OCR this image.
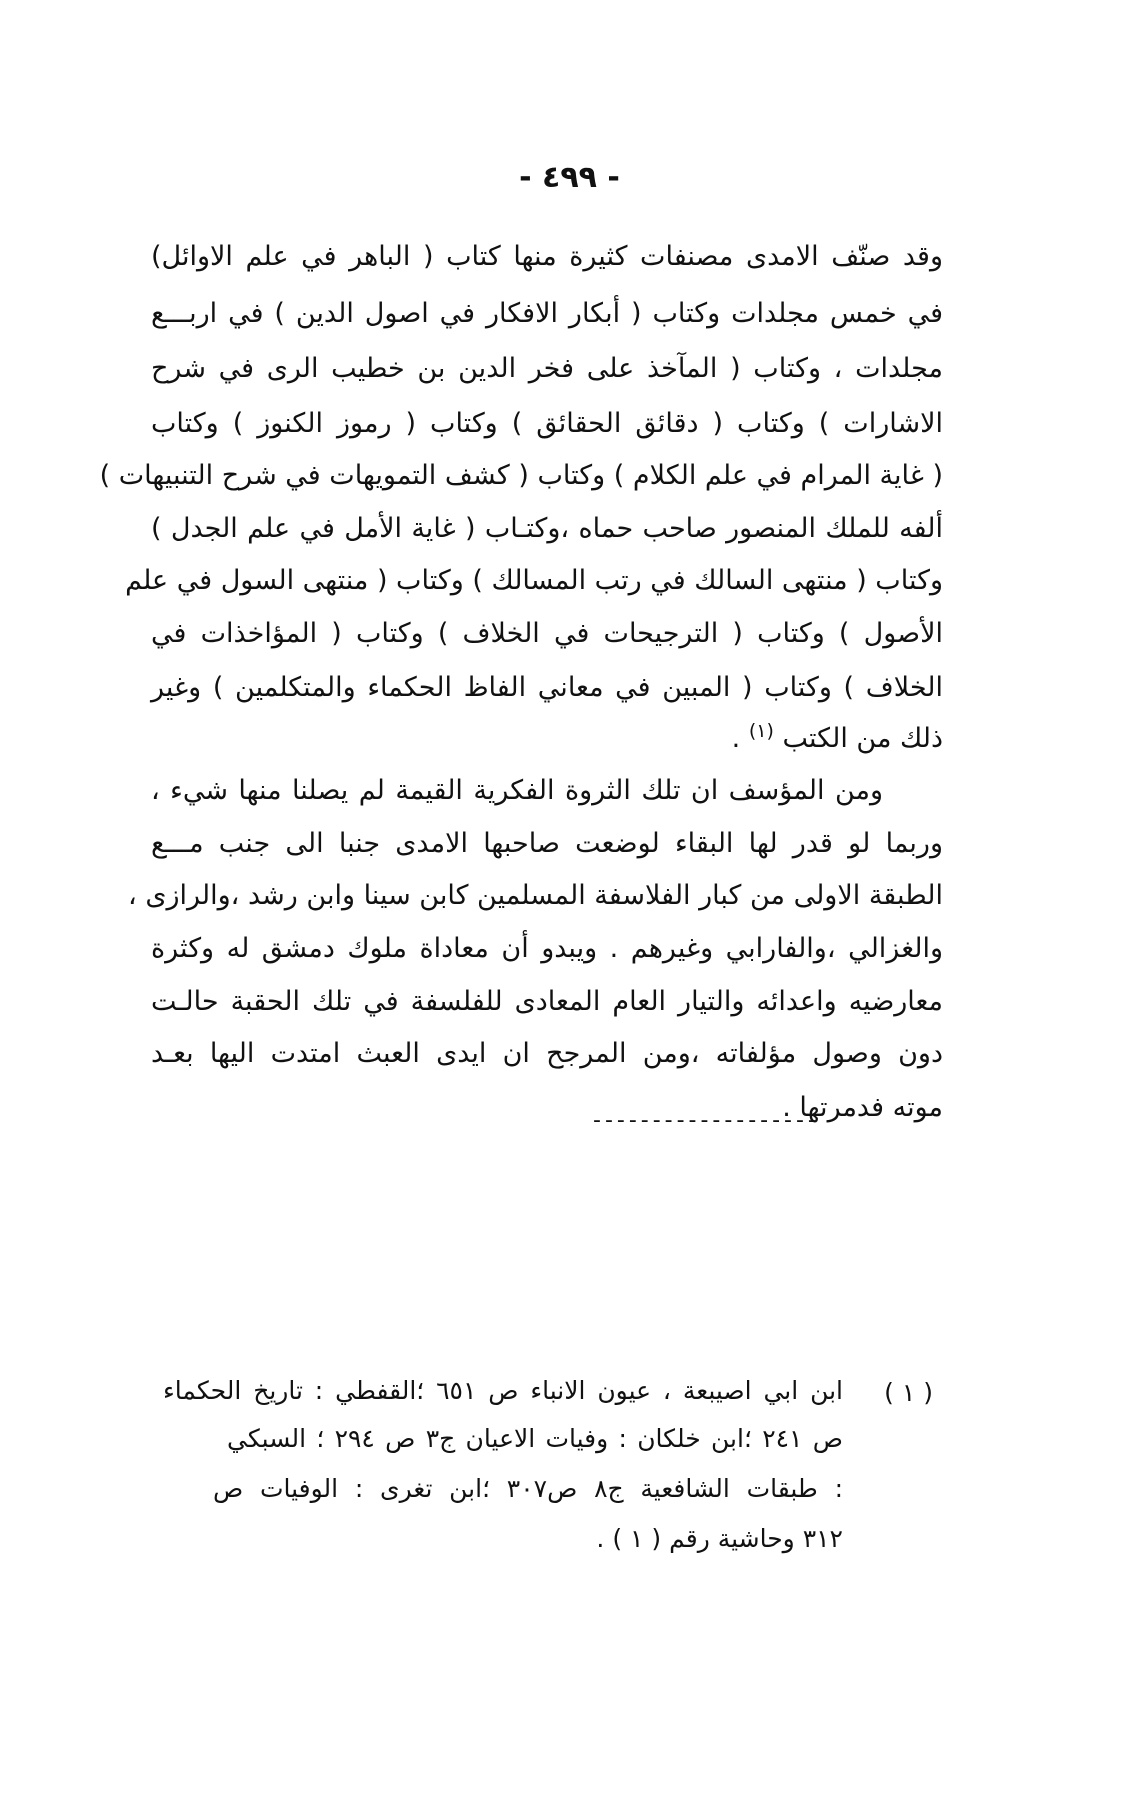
- ٤٩٩ -
وقد صنّف الامدى مصنفات كثيرة منها كتاب ( الباهر في علم الاوائل)
في خمس مجلدات وكتاب ( أبكار الافكار في اصول الدين ) في اربـــع
مجلدات ، وكتاب ( المآخذ على فخر الدين بن خطيب الرى في شرح
الاشارات ) وكتاب ( دقائق الحقائق ) وكتاب ( رموز الكنوز ) وكتاب
( غاية المرام في علم الكلام ) وكتاب ( كشف التمويهات في شرح التنبيهات )
ألفه للملك المنصور صاحب حماه ،وكتـاب ( غاية الأمل في علم الجدل )
وكتاب ( منتهى السالك في رتب المسالك ) وكتاب ( منتهى السول في علم
الأصول ) وكتاب ( الترجيحات في الخلاف ) وكتاب ( المؤاخذات في
الخلاف ) وكتاب ( المبين في معاني الفاظ الحكماء والمتكلمين ) وغير
ذلك من الكتب $^{(١)}$ .
ومن المؤسف ان تلك الثروة الفكرية القيمة لم يصلنا منها شيء ،
وربما لو قدر لها البقاء لوضعت صاحبها الامدى جنبا الى جنب مـــع
الطبقة الاولى من كبار الفلاسفة المسلمين كابن سينا وابن رشد ،والرازى ،
والغزالي ،والفارابي وغيرهم . ويبدو أن معاداة ملوك دمشق له وكثرة
معارضيه واعدائه والتيار العام المعادى للفلسفة في تلك الحقبة حالـت
دون وصول مؤلفاته ،ومن المرجح ان ايدى العبث امتدت اليها بعـد
موته فدمرتها .
-------------------
( ١ )
ابن ابي اصيبعة ، عيون الانباء ص ٦٥١ ؛القفطي : تاريخ الحكماء
ص ٢٤١ ؛ابن خلكان : وفيات الاعيان ج٣ ص ٢٩٤ ؛ السبكي
: طبقات الشافعية ج٨ ص٣٠٧ ؛ابن تغرى : الوفيات ص
٣١٢ وحاشية رقم ( ١ ) .
